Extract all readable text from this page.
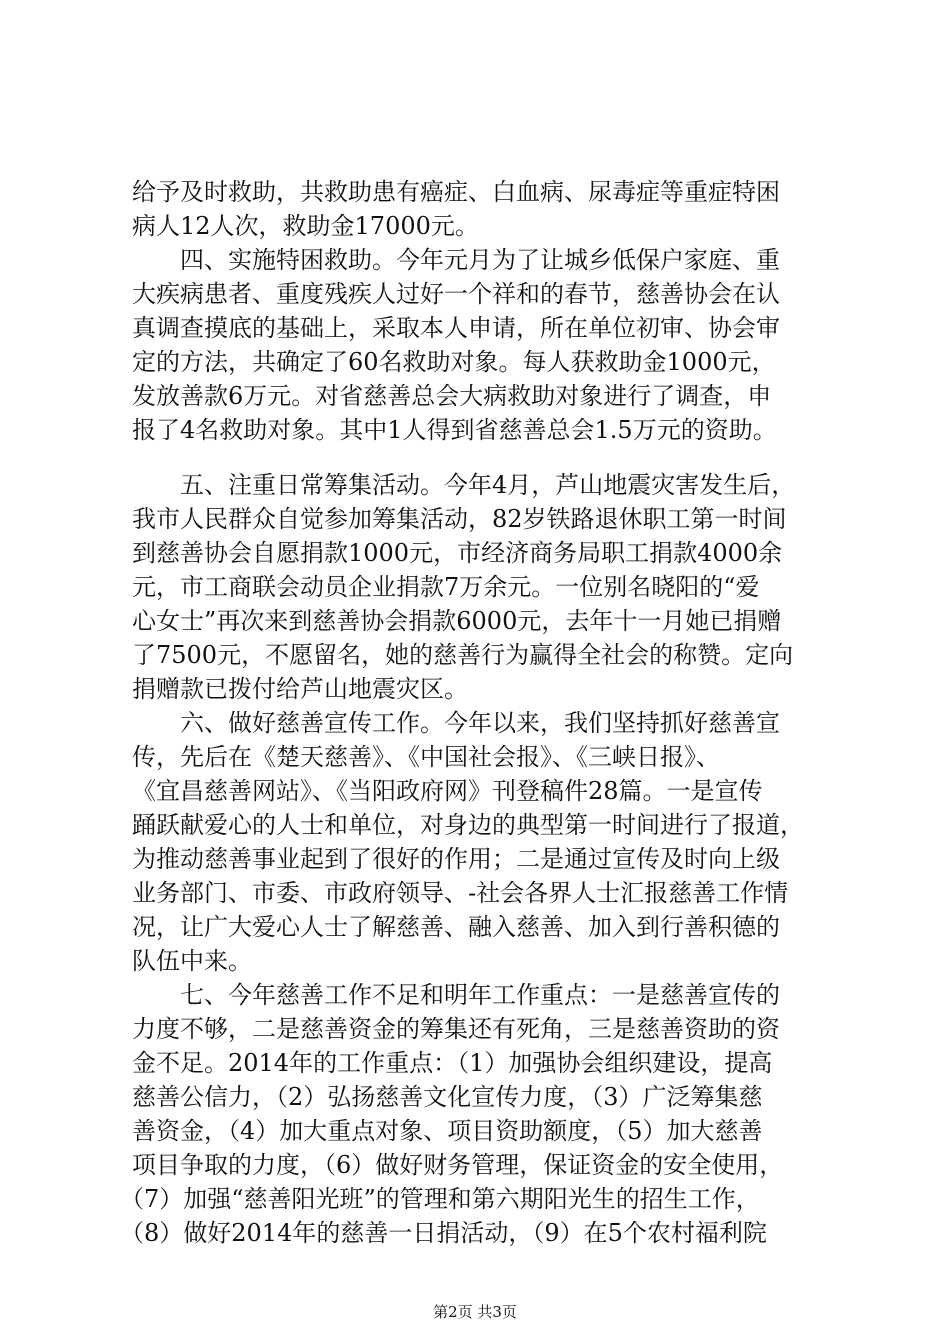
给予及时救助，共救助患有癌症、白血病、尿毒症等重症特困
病人12人次，救助金17000元。
四、实施特困救助。今年元月为了让城乡低保户家庭、重
大疾病患者、重度残疾人过好一个祥和的春节，慈善协会在认
真调查摸底的基础上，采取本人申请，所在单位初审、协会审
定的方法，共确定了60名救助对象。每人获救助金1000元，
发放善款6万元。对省慈善总会大病救助对象进行了调查，申
报了4名救助对象。其中1人得到省慈善总会1.5万元的资助。
五、注重日常筹集活动。今年4月，芦山地震灾害发生后，
我市人民群众自觉参加筹集活动，82岁铁路退休职工第一时间
到慈善协会自愿捐款1000元，市经济商务局职工捐款4000余
元，市工商联会动员企业捐款7万余元。一位别名晓阳的“爱
心女士”再次来到慈善协会捐款6000元，去年十一月她已捐赠
了7500元，不愿留名，她的慈善行为赢得全社会的称赞。定向
捐赠款已拨付给芦山地震灾区。
六、做好慈善宣传工作。今年以来，我们坚持抓好慈善宣
传，先后在《楚天慈善》、《中国社会报》、《三峡日报》、
《宜昌慈善网站》、《当阳政府网》刊登稿件28篇。一是宣传
踊跃献爱心的人士和单位，对身边的典型第一时间进行了报道，
为推动慈善事业起到了很好的作用；二是通过宣传及时向上级
业务部门、市委、市政府领导、-社会各界人士汇报慈善工作情
况，让广大爱心人士了解慈善、融入慈善、加入到行善积德的
队伍中来。
七、今年慈善工作不足和明年工作重点：一是慈善宣传的
力度不够，二是慈善资金的筹集还有死角，三是慈善资助的资
金不足。2014年的工作重点：（1）加强协会组织建设，提高
慈善公信力，（2）弘扬慈善文化宣传力度，（3）广泛筹集慈
善资金，（4）加大重点对象、项目资助额度，（5）加大慈善
项目争取的力度，（6）做好财务管理，保证资金的安全使用，
（7）加强“慈善阳光班”的管理和第六期阳光生的招生工作，
（8）做好2014年的慈善一日捐活动，（9）在5个农村福利院
第2页 共3页
